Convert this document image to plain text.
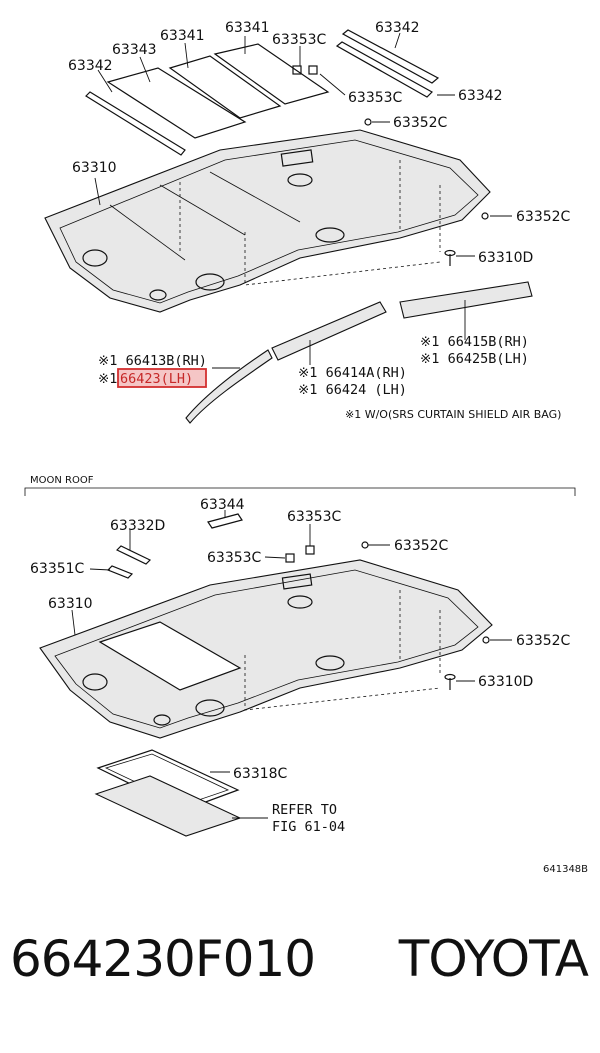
63342
63343
63341 63341
63353C
63353C
63342
63342
63352C
63352C
63310
63310D
※1 66413B(RH)
※1 66423(LH)	※1 66414A(RH)
※1 66424 (LH)
※1 66415B(RH)
※1 66425B(LH)
※1 W/O(SRS CURTAIN SHIELD AIR BAG)
MOON ROOF
63344
63332D
63351C
63353C
63353C
63352C
63352C
63310
63310D
63318C
REFER TO
FIG 61-04
641348B
664230F010 TOYOTA
